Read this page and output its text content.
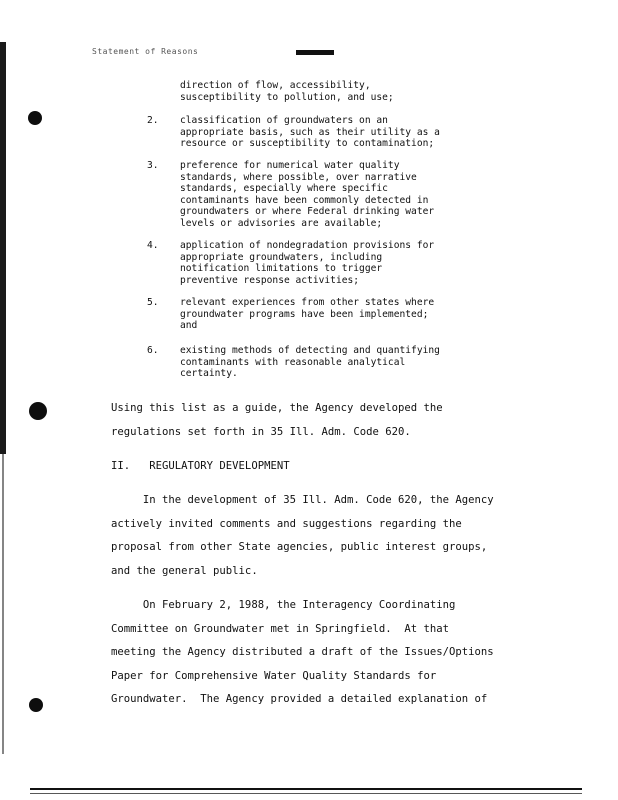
Statement of Reasons
direction of flow, accessibility,
susceptibility to pollution, and use;
2. classification of groundwaters on an
appropriate basis, such as their utility as a
resource or susceptibility to contamination;
3. preference for numerical water quality
standards, where possible, over narrative
standards, especially where specific
contaminants have been commonly detected in
groundwaters or where Federal drinking water
levels or advisories are available;
4. application of nondegradation provisions for
appropriate groundwaters, including
notification limitations to trigger
preventive response activities;
5. relevant experiences from other states where
groundwater programs have been implemented;
and
6. existing methods of detecting and quantifying
contaminants with reasonable analytical
certainty.
Using this list as a guide, the Agency developed the
regulations set forth in 35 Ill. Adm. Code 620.
II.   REGULATORY DEVELOPMENT
In the development of 35 Ill. Adm. Code 620, the Agency
actively invited comments and suggestions regarding the
proposal from other State agencies, public interest groups,
and the general public.
On February 2, 1988, the Interagency Coordinating
Committee on Groundwater met in Springfield.  At that
meeting the Agency distributed a draft of the Issues/Options
Paper for Comprehensive Water Quality Standards for
Groundwater.  The Agency provided a detailed explanation of
